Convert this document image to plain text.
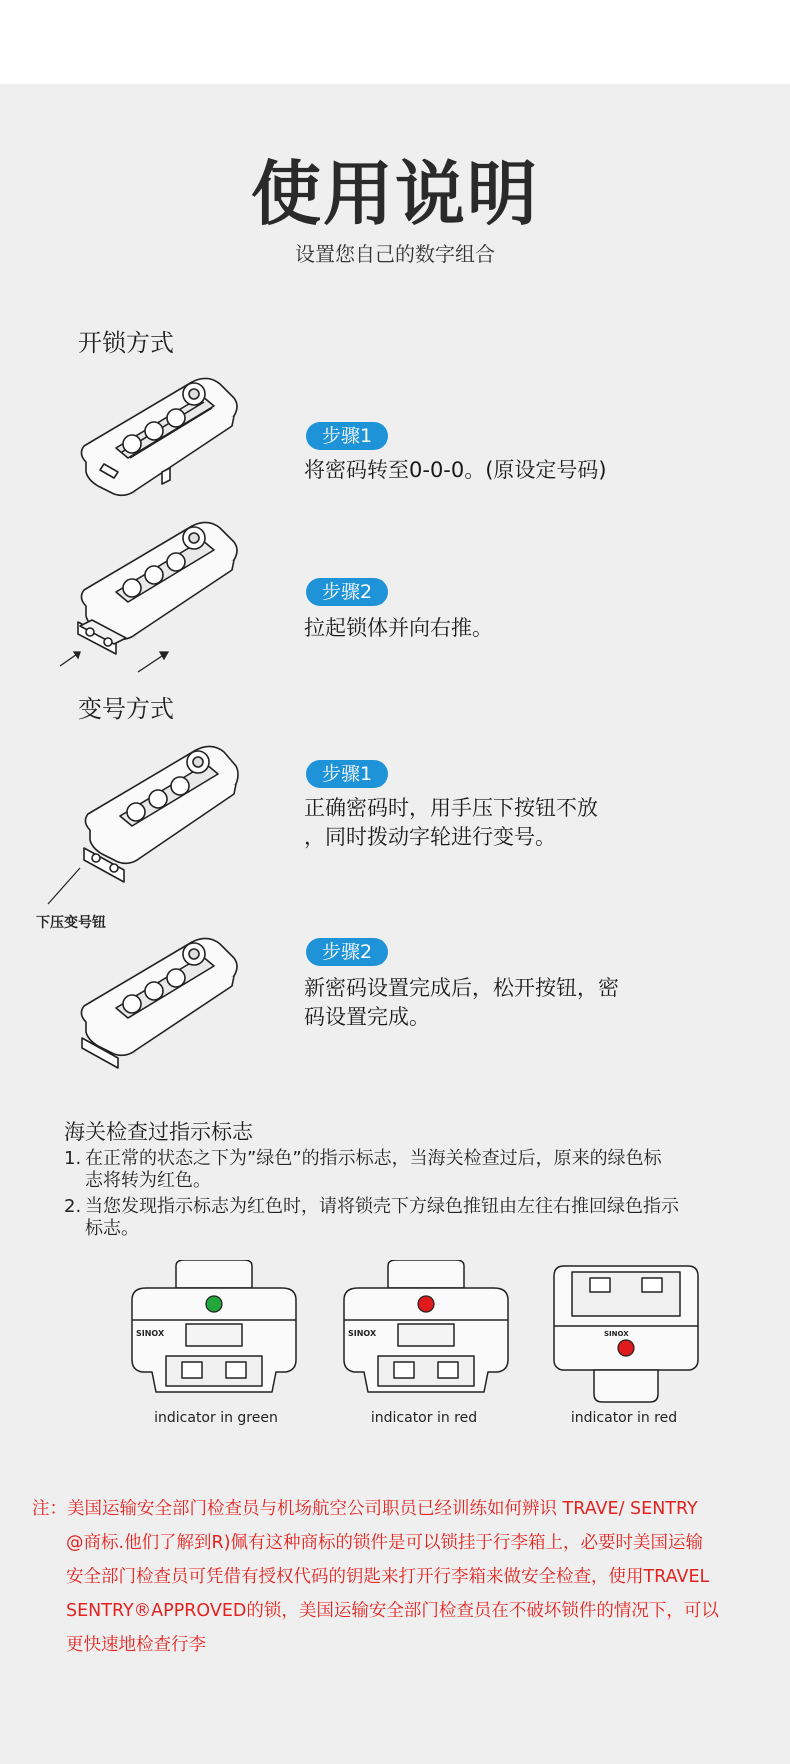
使用说明
设置您自己的数字组合
开锁方式
步骤1
将密码转至0-0-0。(原设定号码)
步骤2
拉起锁体并向右推。
变号方式
下压变号钮
步骤1
正确密码时，用手压下按钮不放
，同时拨动字轮进行变号。
步骤2
新密码设置完成后，松开按钮，密
码设置完成。
海关检查过指示标志

1. 在正常的状态之下为”绿色”的指示标志，当海关检查过后，原来的绿色标
志将转为红色。

2. 当您发现指示标志为红色时，请将锁壳下方绿色推钮由左往右推回绿色指示
标志。

SINOX
indicator in green
SINOX
indicator in red
SINOX
indicator in red
注：美国运输安全部门检查员与机场航空公司职员已经训练如何辨识 TRAVE/ SENTRY
@商标.他们了解到R)佩有这种商标的锁件是可以锁挂于行李箱上，必要时美国运输
安全部门检查员可凭借有授权代码的钥匙来打开行李箱来做安全检查，使用TRAVEL
SENTRY®APPROVED的锁，美国运输安全部门检查员在不破坏锁件的情况下，可以
更快速地检查行李
